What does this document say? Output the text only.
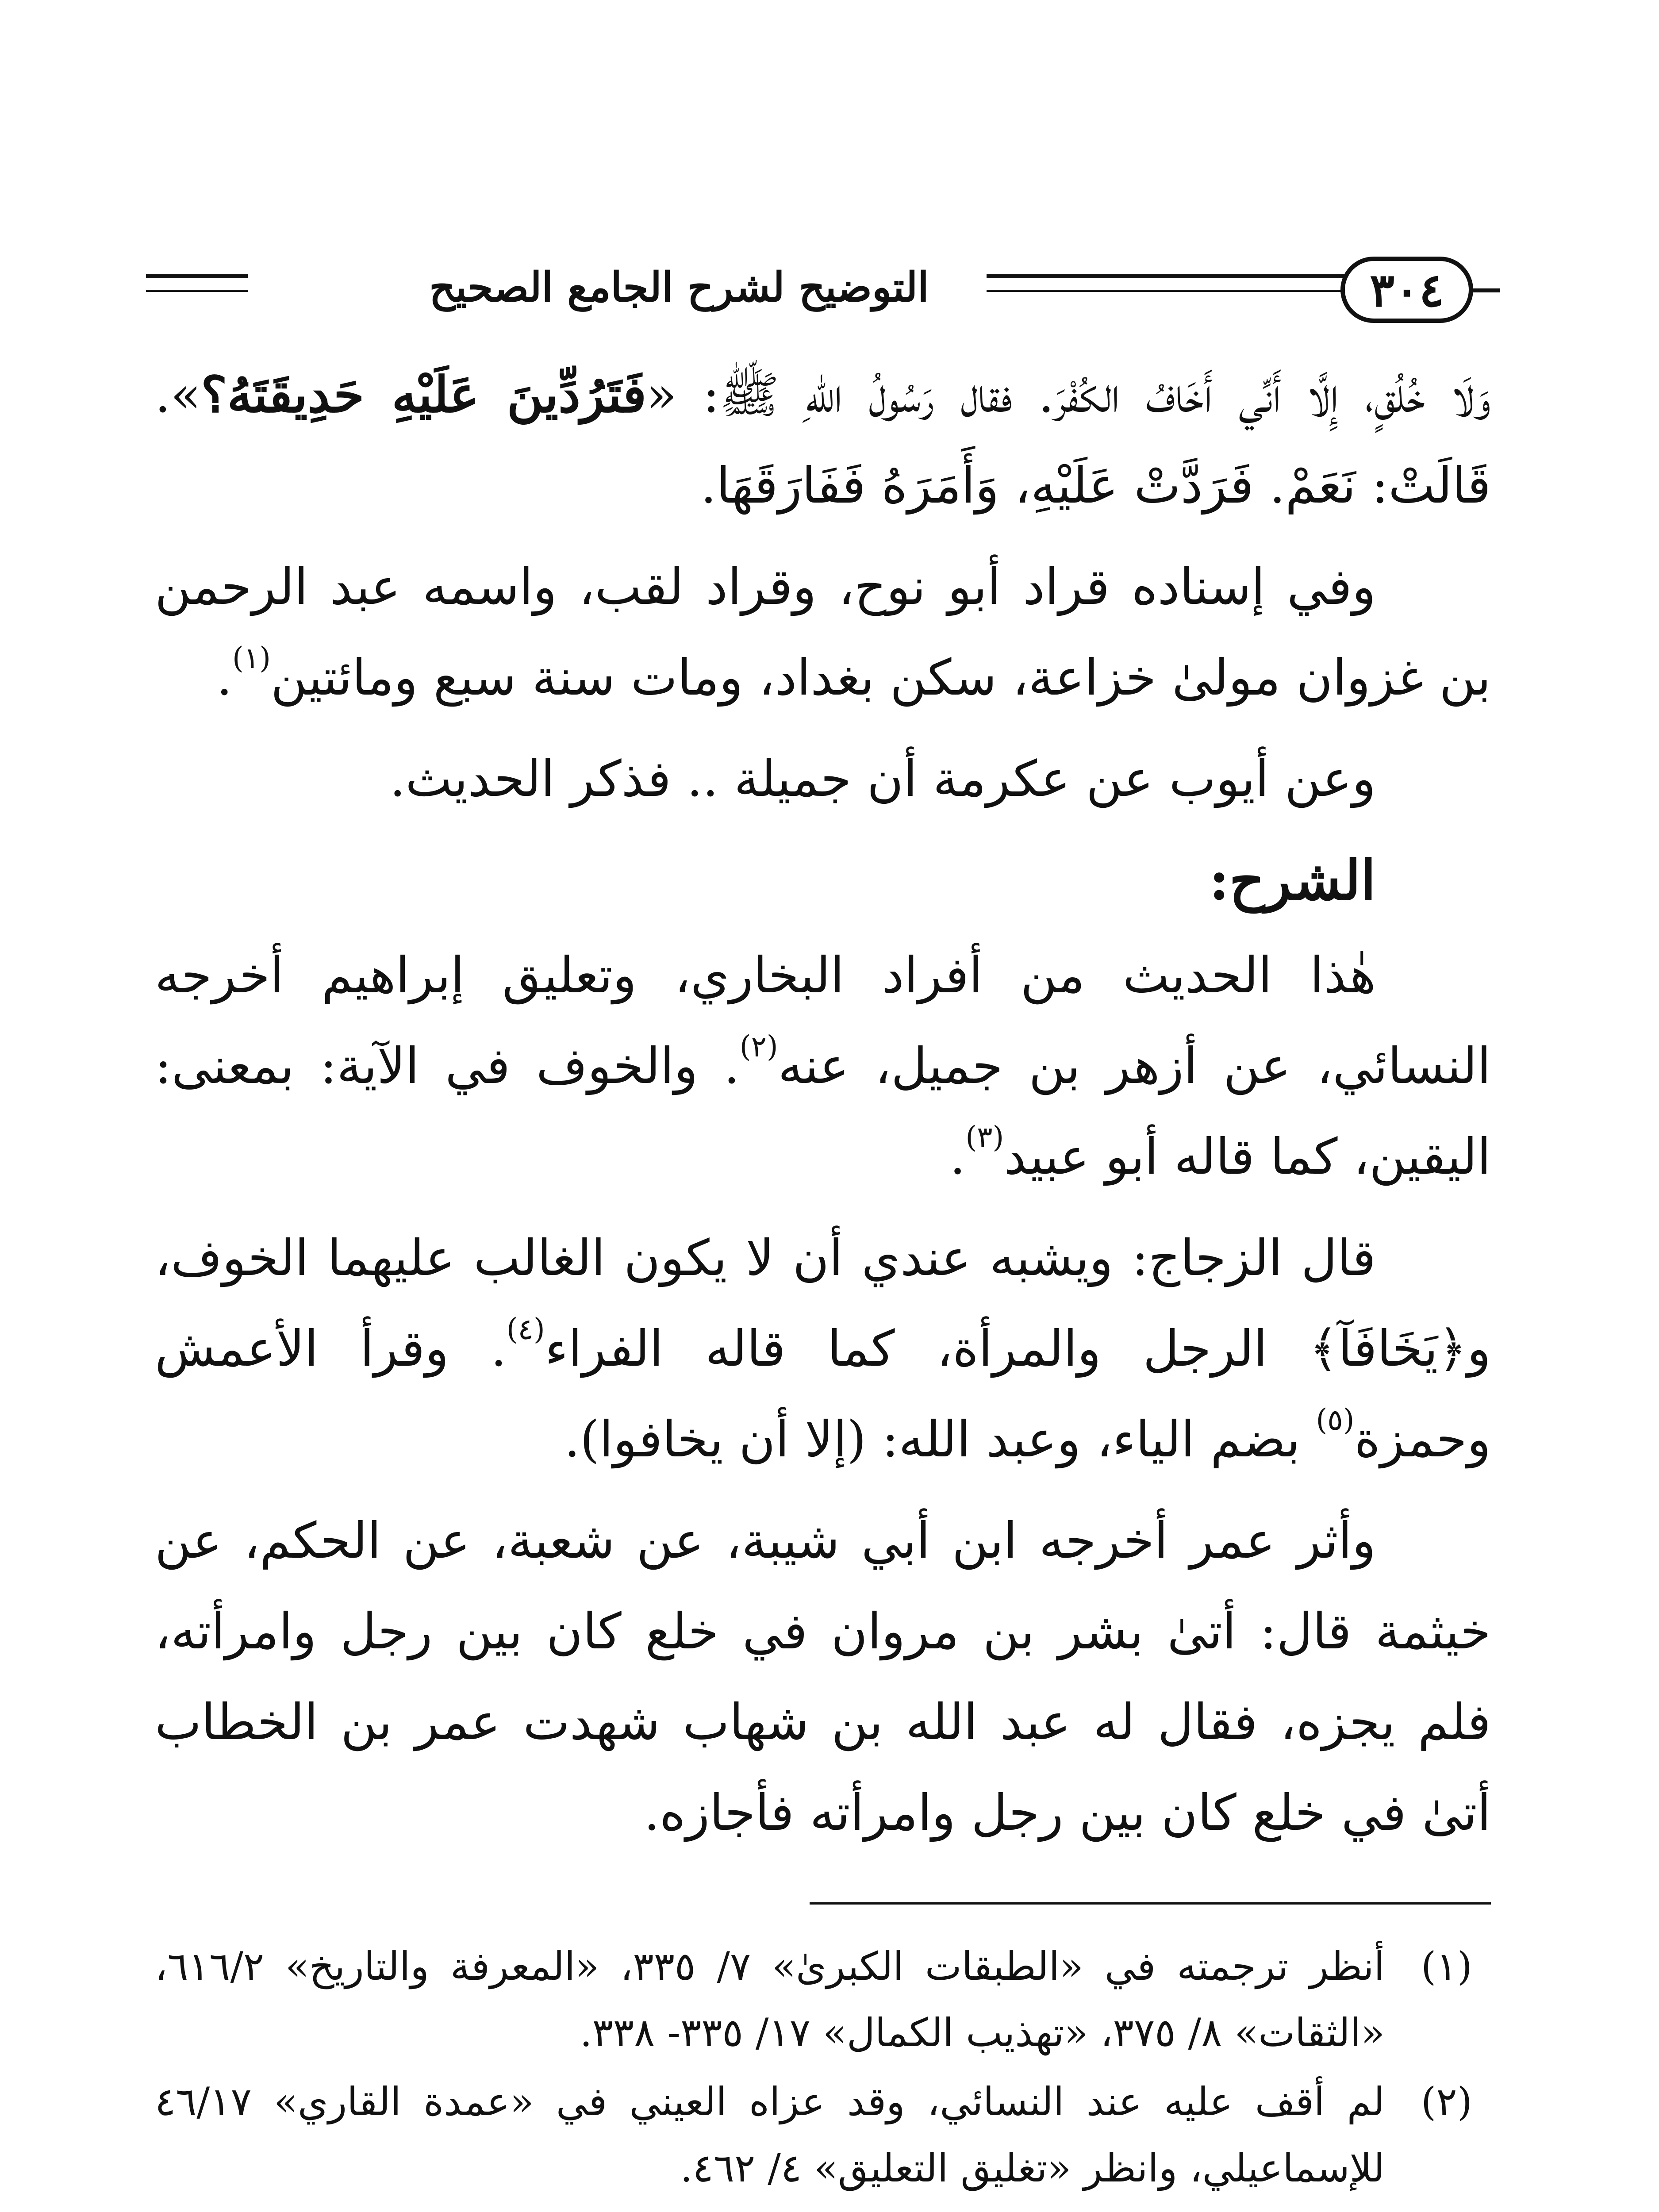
التوضيح لشرح الجامع الصحيح	٣٠٤

وَلَا خُلُقٍ، إِلَّا أَنِّي أَخَافُ الكُفْرَ. فقال رَسُولُ اللهِ ﷺ: «فَتَرُدِّينَ عَلَيْهِ حَدِيقَتَهُ؟». قَالَتْ: نَعَمْ. فَرَدَّتْ عَلَيْهِ، وَأَمَرَهُ فَفَارَقَهَا.

وفي إسناده قراد أبو نوح، وقراد لقب، واسمه عبد الرحمن بن غزوان مولىٰ خزاعة، سكن بغداد، ومات سنة سبع ومائتين$^{(١)}$.

وعن أيوب عن عكرمة أن جميلة .. فذكر الحديث.

الشرح:

هٰذا الحديث من أفراد البخاري، وتعليق إبراهيم أخرجه النسائي، عن أزهر بن جميل، عنه$^{(٢)}$. والخوف في الآية: بمعنى: اليقين، كما قاله أبو عبيد$^{(٣)}$.

قال الزجاج: ويشبه عندي أن لا يكون الغالب عليهما الخوف، و﴿يَخَافَآ﴾ الرجل والمرأة، كما قاله الفراء$^{(٤)}$. وقرأ الأعمش وحمزة$^{(٥)}$ بضم الياء، وعبد الله: (إلا أن يخافوا).

وأثر عمر أخرجه ابن أبي شيبة، عن شعبة، عن الحكم، عن خيثمة قال: أتىٰ بشر بن مروان في خلع كان بين رجل وامرأته، فلم يجزه، فقال له عبد الله بن شهاب شهدت عمر بن الخطاب أتىٰ في خلع كان بين رجل وامرأته فأجازه.

(١)
أنظر ترجمته في «الطبقات الكبرىٰ» ٧/ ٣٣٥، «المعرفة والتاريخ» ٦١٦/٢، «الثقات» ٨/ ٣٧٥، «تهذيب الكمال» ١٧/ ٣٣٥- ٣٣٨.
(٢)
لم أقف عليه عند النسائي، وقد عزاه العيني في «عمدة القاري» ٤٦/١٧ للإسماعيلي، وانظر «تغليق التعليق» ٤/ ٤٦٢.
